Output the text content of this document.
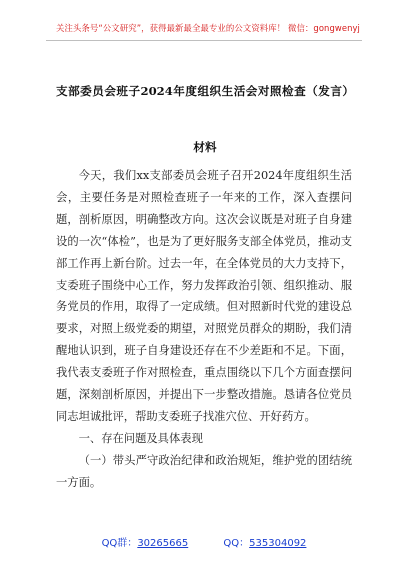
关注头条号“公文研究”，获得最新最全最专业的公文资料库！ 微信：gongwenyj
支部委员会班子2024年度组织生活会对照检查（发言）材料

今天，我们xx支部委员会班子召开2024年度组织生活会，主要任务是对照检查班子一年来的工作，深入查摆问题，剖析原因，明确整改方向。这次会议既是对班子自身建设的一次“体检”，也是为了更好服务支部全体党员，推动支部工作再上新台阶。过去一年，在全体党员的大力支持下，支委班子围绕中心工作，努力发挥政治引领、组织推动、服务党员的作用，取得了一定成绩。但对照新时代党的建设总要求，对照上级党委的期望，对照党员群众的期盼，我们清醒地认识到，班子自身建设还存在不少差距和不足。下面，我代表支委班子作对照检查，重点围绕以下几个方面查摆问题，深刻剖析原因，并提出下一步整改措施。恳请各位党员同志坦诚批评，帮助支委班子找准穴位、开好药方。

一、存在问题及具体表现

（一）带头严守政治纪律和政治规矩，维护党的团结统一方面。

QQ群：30265665	QQ：535304092
